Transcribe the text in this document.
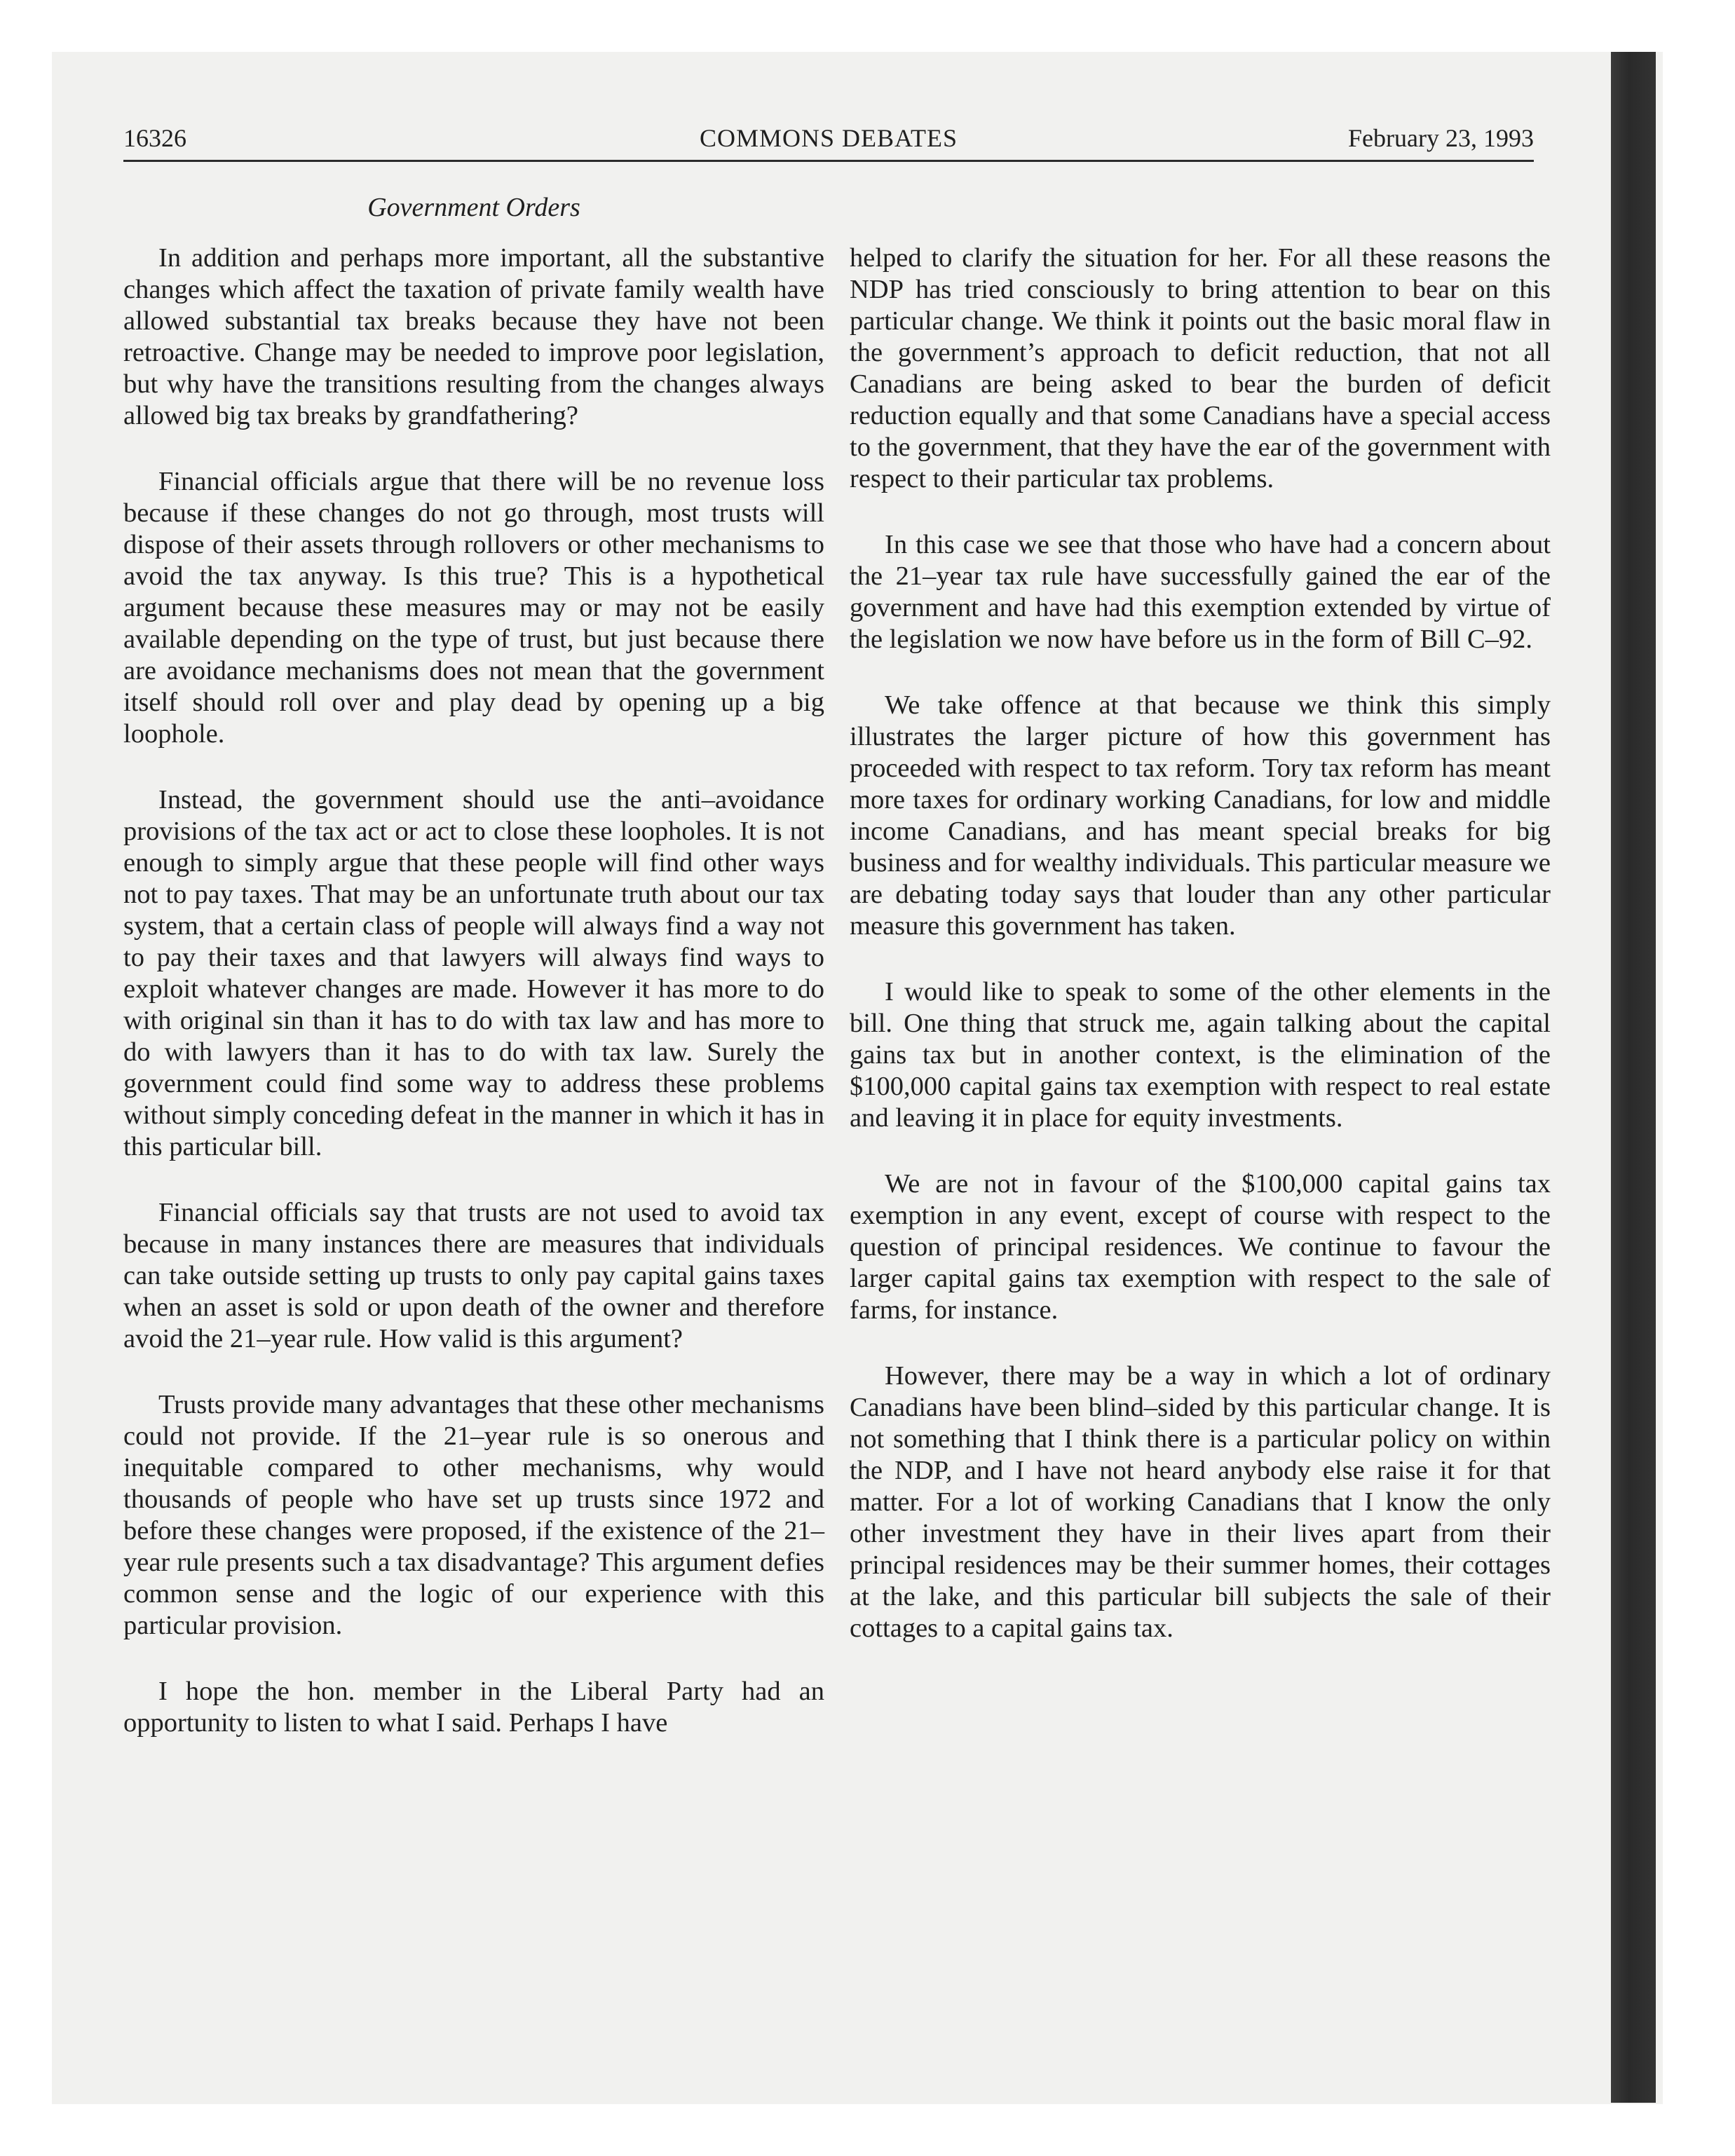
16326	COMMONS DEBATES	February 23, 1993
Government Orders

In addition and perhaps more important, all the substantive changes which affect the taxation of private family wealth have allowed substantial tax breaks because they have not been retroactive. Change may be needed to improve poor legislation, but why have the transitions resulting from the changes always allowed big tax breaks by grandfathering?

Financial officials argue that there will be no revenue loss because if these changes do not go through, most trusts will dispose of their assets through rollovers or other mechanisms to avoid the tax anyway. Is this true? This is a hypothetical argument because these measures may or may not be easily available depending on the type of trust, but just because there are avoidance mechanisms does not mean that the government itself should roll over and play dead by opening up a big loophole.

Instead, the government should use the anti–avoidance provisions of the tax act or act to close these loopholes. It is not enough to simply argue that these people will find other ways not to pay taxes. That may be an unfortunate truth about our tax system, that a certain class of people will always find a way not to pay their taxes and that lawyers will always find ways to exploit whatever changes are made. However it has more to do with original sin than it has to do with tax law and has more to do with lawyers than it has to do with tax law. Surely the government could find some way to address these problems without simply conceding defeat in the manner in which it has in this particular bill.

Financial officials say that trusts are not used to avoid tax because in many instances there are measures that individuals can take outside setting up trusts to only pay capital gains taxes when an asset is sold or upon death of the owner and therefore avoid the 21–year rule. How valid is this argument?

Trusts provide many advantages that these other mechanisms could not provide. If the 21–year rule is so onerous and inequitable compared to other mechanisms, why would thousands of people who have set up trusts since 1972 and before these changes were proposed, if the existence of the 21–year rule presents such a tax disadvantage? This argument defies common sense and the logic of our experience with this particular provision.

I hope the hon. member in the Liberal Party had an opportunity to listen to what I said. Perhaps I have

helped to clarify the situation for her. For all these reasons the NDP has tried consciously to bring attention to bear on this particular change. We think it points out the basic moral flaw in the government’s approach to deficit reduction, that not all Canadians are being asked to bear the burden of deficit reduction equally and that some Canadians have a special access to the government, that they have the ear of the government with respect to their particular tax problems.

In this case we see that those who have had a concern about the 21–year tax rule have successfully gained the ear of the government and have had this exemption extended by virtue of the legislation we now have before us in the form of Bill C–92.

We take offence at that because we think this simply illustrates the larger picture of how this government has proceeded with respect to tax reform. Tory tax reform has meant more taxes for ordinary working Canadians, for low and middle income Canadians, and has meant special breaks for big business and for wealthy individuals. This particular measure we are debating today says that louder than any other particular measure this government has taken.

I would like to speak to some of the other elements in the bill. One thing that struck me, again talking about the capital gains tax but in another context, is the elimination of the $100,000 capital gains tax exemption with respect to real estate and leaving it in place for equity investments.

We are not in favour of the $100,000 capital gains tax exemption in any event, except of course with respect to the question of principal residences. We continue to favour the larger capital gains tax exemption with respect to the sale of farms, for instance.

However, there may be a way in which a lot of ordinary Canadians have been blind–sided by this particular change. It is not something that I think there is a particular policy on within the NDP, and I have not heard anybody else raise it for that matter. For a lot of working Canadians that I know the only other investment they have in their lives apart from their principal residences may be their summer homes, their cottages at the lake, and this particular bill subjects the sale of their cottages to a capital gains tax.
